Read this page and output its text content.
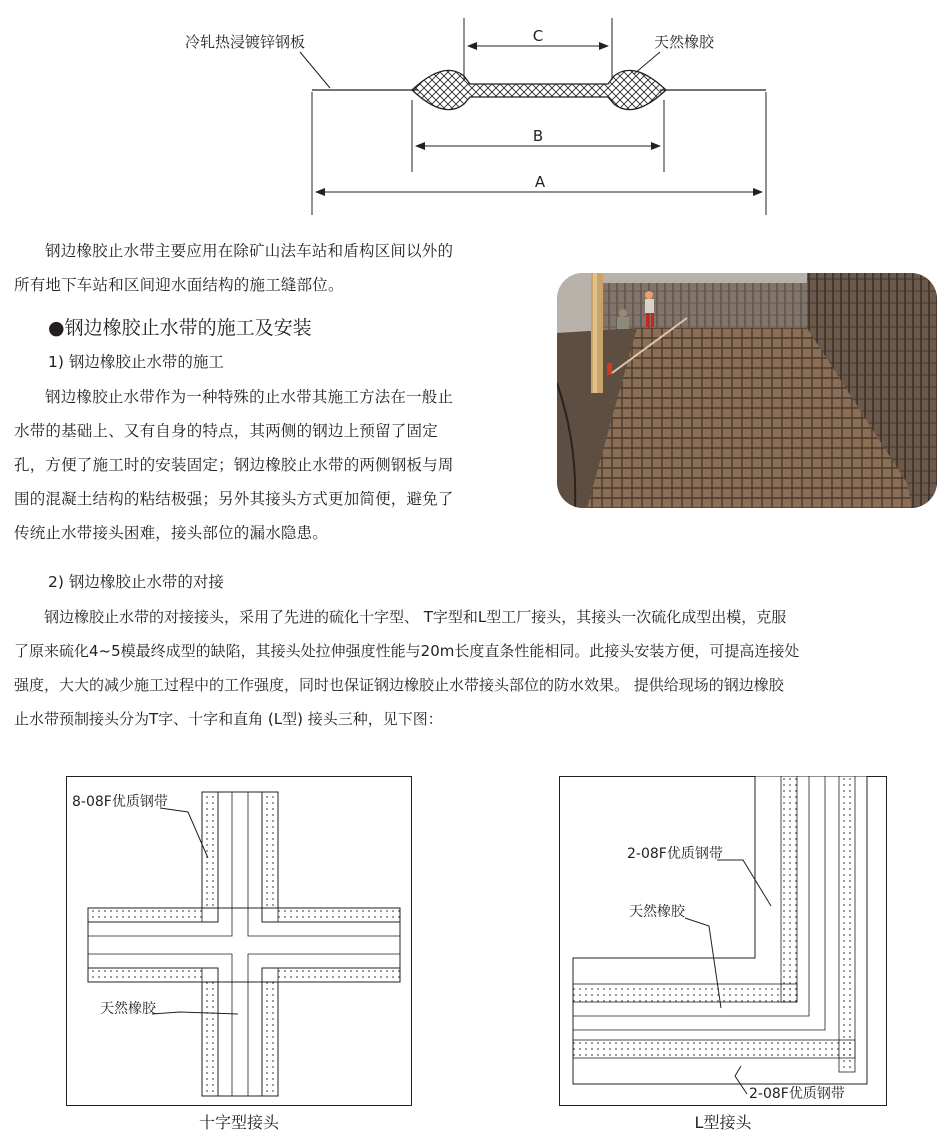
C
B
A
冷轧热浸镀锌钢板	天然橡胶
钢边橡胶止水带主要应用在除矿山法车站和盾构区间以外的
所有地下车站和区间迎水面结构的施工缝部位。
●钢边橡胶止水带的施工及安装
1) 钢边橡胶止水带的施工
钢边橡胶止水带作为一种特殊的止水带其施工方法在一般止
水带的基础上、又有自身的特点，其两侧的钢边上预留了固定
孔，方便了施工时的安装固定；钢边橡胶止水带的两侧钢板与周
围的混凝土结构的粘结极强；另外其接头方式更加简便，避免了
传统止水带接头困难，接头部位的漏水隐患。
2) 钢边橡胶止水带的对接
钢边橡胶止水带的对接接头，采用了先进的硫化十字型、 T字型和L型工厂接头，其接头一次硫化成型出模，克服
了原来硫化4~5模最终成型的缺陷，其接头处拉伸强度性能与20m长度直条性能相同。此接头安装方便，可提高连接处
强度，大大的减少施工过程中的工作强度，同时也保证钢边橡胶止水带接头部位的防水效果。 提供给现场的钢边橡胶
止水带预制接头分为T字、十字和直角 (L型) 接头三种，见下图：
8-08F优质钢带
天然橡胶
十字型接头
2-08F优质钢带
天然橡胶
2-08F优质钢带
L型接头
